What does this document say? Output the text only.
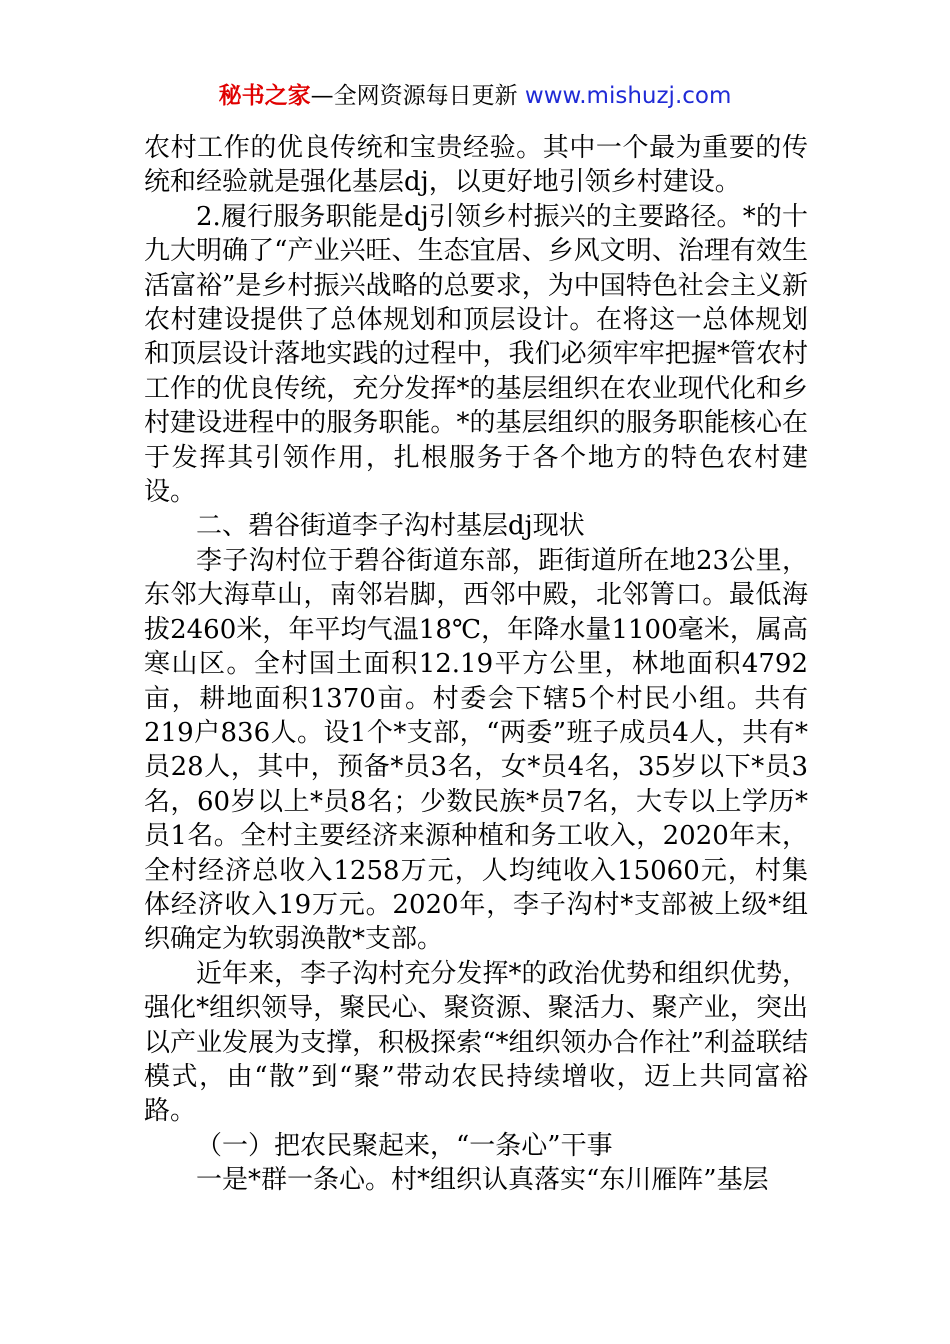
秘书之家—全网资源每日更新 www.mishuzj.com

农村工作的优良传统和宝贵经验。其中一个最为重要的传统和经验就是强化基层dj，以更好地引领乡村建设。

2.履行服务职能是dj引领乡村振兴的主要路径。*的十九大明确了“产业兴旺、生态宜居、乡风文明、治理有效生活富裕”是乡村振兴战略的总要求，为中国特色社会主义新农村建设提供了总体规划和顶层设计。在将这一总体规划和顶层设计落地实践的过程中，我们必须牢牢把握*管农村工作的优良传统，充分发挥*的基层组织在农业现代化和乡村建设进程中的服务职能。*的基层组织的服务职能核心在于发挥其引领作用，扎根服务于各个地方的特色农村建设。

二、碧谷街道李子沟村基层dj现状

李子沟村位于碧谷街道东部，距街道所在地23公里，东邻大海草山，南邻岩脚，西邻中殿，北邻箐口。最低海拔2460米，年平均气温18℃，年降水量1100毫米，属高寒山区。全村国土面积12.19平方公里，林地面积4792亩，耕地面积1370亩。村委会下辖5个村民小组。共有219户836人。设1个*支部，“两委”班子成员4人，共有*员28人，其中，预备*员3名，女*员4名，35岁以下*员3名，60岁以上*员8名；少数民族*员7名，大专以上学历*员1名。全村主要经济来源种植和务工收入，2020年末，全村经济总收入1258万元，人均纯收入15060元，村集体经济收入19万元。2020年，李子沟村*支部被上级*组织确定为软弱涣散*支部。

近年来，李子沟村充分发挥*的政治优势和组织优势，强化*组织领导，聚民心、聚资源、聚活力、聚产业，突出以产业发展为支撑，积极探索“*组织领办合作社”利益联结模式，由“散”到“聚”带动农民持续增收，迈上共同富裕路。

（一）把农民聚起来，“一条心”干事

一是*群一条心。村*组织认真落实“东川雁阵”基层
